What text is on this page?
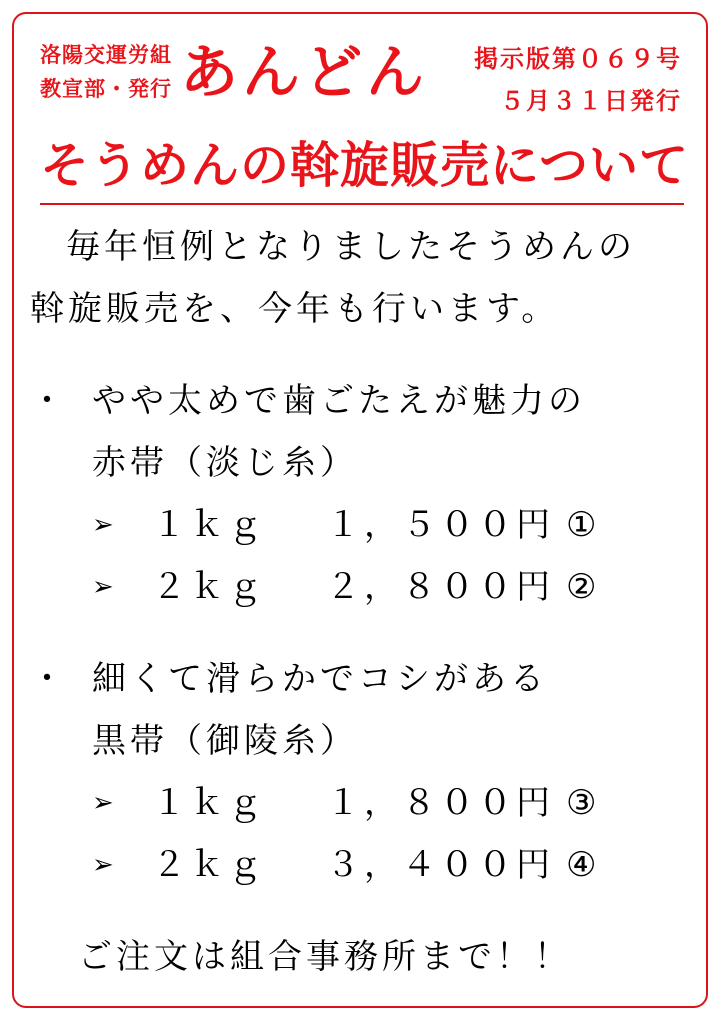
洛陽交運労組
教宣部・発行 あんどん 掲示版第０６９号
５月３１日発行
そうめんの斡旋販売について
毎年恒例となりましたそうめんの
斡旋販売を、今年も行います。
・ やや太めで歯ごたえが魅力の
赤帯（淡じ糸）
➢	１ｋｇ	１，５００円 ①
➢	２ｋｇ	２，８００円 ②
・ 細くて滑らかでコシがある
黒帯（御陵糸）
➢	１ｋｇ	１，８００円 ③
➢	２ｋｇ	３，４００円 ④
ご注文は組合事務所まで！！
